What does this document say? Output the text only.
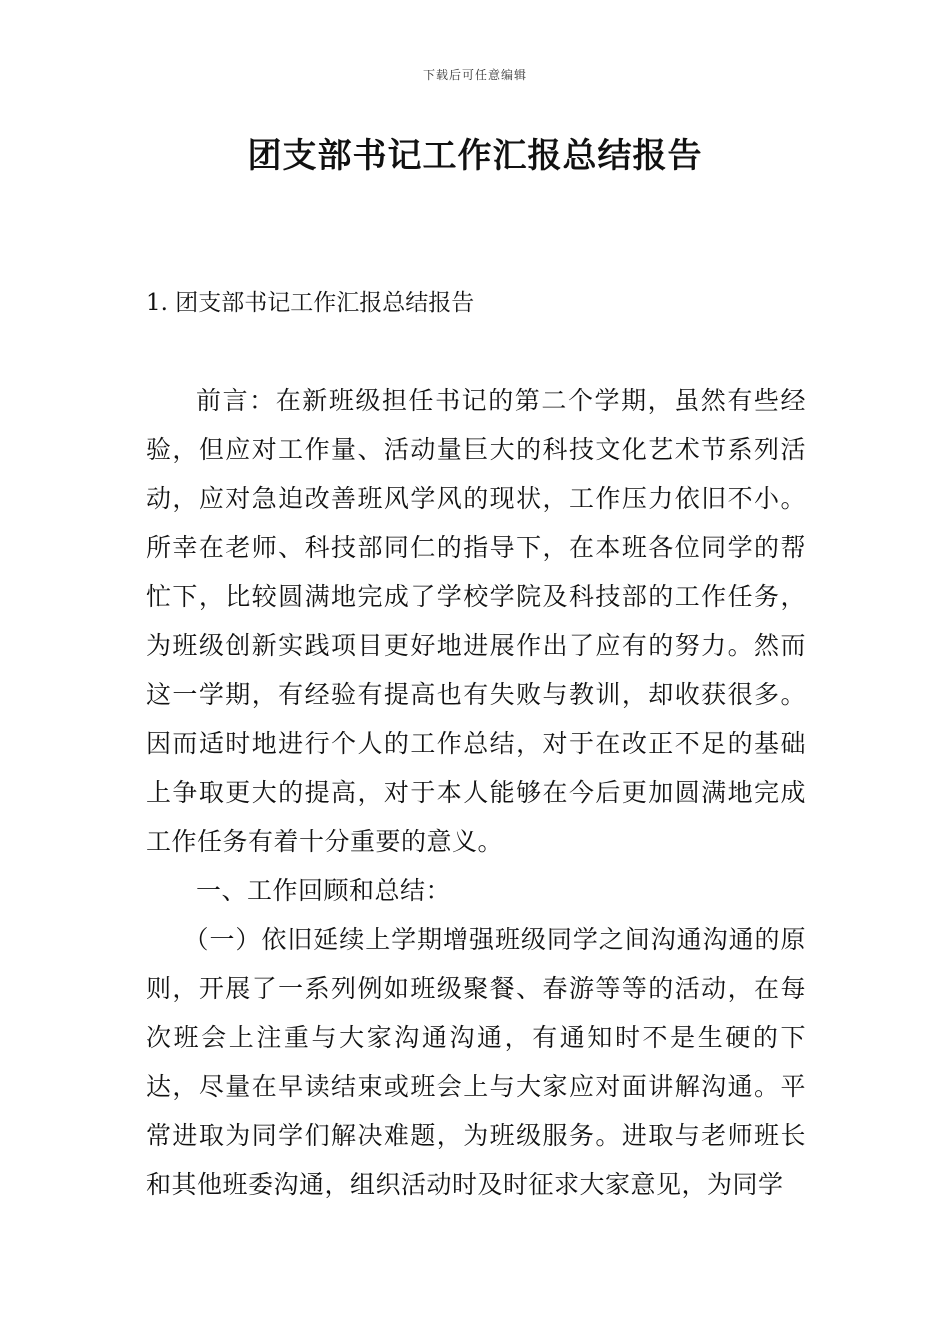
下载后可任意编辑
团支部书记工作汇报总结报告
1. 团支部书记工作汇报总结报告

前言：在新班级担任书记的第二个学期，虽然有些经验，但应对工作量、活动量巨大的科技文化艺术节系列活动，应对急迫改善班风学风的现状，工作压力依旧不小。所幸在老师、科技部同仁的指导下，在本班各位同学的帮忙下，比较圆满地完成了学校学院及科技部的工作任务，为班级创新实践项目更好地进展作出了应有的努力。然而这一学期，有经验有提高也有失败与教训，却收获很多。因而适时地进行个人的工作总结，对于在改正不足的基础上争取更大的提高，对于本人能够在今后更加圆满地完成工作任务有着十分重要的意义。

一、工作回顾和总结：

（一）依旧延续上学期增强班级同学之间沟通沟通的原则，开展了一系列例如班级聚餐、春游等等的活动，在每次班会上注重与大家沟通沟通，有通知时不是生硬的下达，尽量在早读结束或班会上与大家应对面讲解沟通。平常进取为同学们解决难题，为班级服务。进取与老师班长和其他班委沟通，组织活动时及时征求大家意见，为同学
